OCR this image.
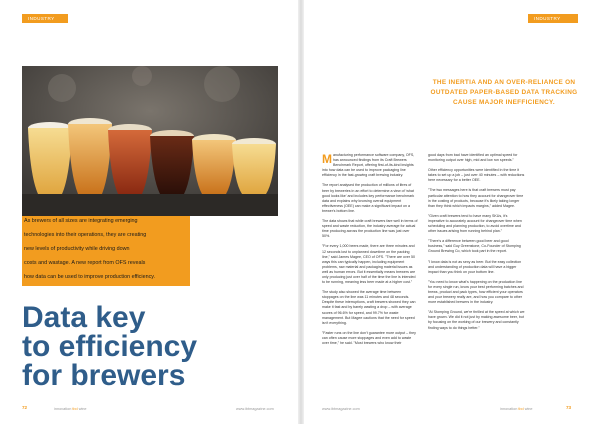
INDUSTRY WATCH
INDUSTRY WATCH
As brewers of all sizes are integrating emerging
technologies into their operations, they are creating
new levels of productivity while driving down
costs and wastage. A new report from OFS reveals
how data can be used to improve production efficiency.
Data key
to efficiency
for brewers
THE INERTIA AND AN OVER-RELIANCE ON OUTDATED PAPER-BASED DATA TRACKING CAUSE MAJOR INEFFICIENCY.

Manufacturing performance software company, OFS, has announced findings from its Craft Brewers Benchmark Report, offering first-of-its-kind insights into how data can be used to improve packaging line efficiency in the fast-growing craft brewing industry.

The report analysed the production of millions of litres of beer by breweries in an effort to determine a view of 'what good looks like' and includes key performance benchmark data and explains why knowing overall equipment effectiveness (OEE) can make a significant impact on a brewer's bottom line.

The data shows that while craft brewers fare well in terms of speed and waste reduction, the industry average for actual time producing across the production line was just over 50%.

"For every 1,000 beers made, there are three minutes and 12 seconds lost to unplanned downtime on the packing line," said James Magee, CEO of OFS. "There are over 50 ways this can typically happen, including equipment problems, raw material and packaging material issues as well as human errors. But it essentially means brewers are only producing just over half of the time the line is intended to be running, meaning less beer made at a higher cost."

The study also showed the average time between stoppages on the line was 11 minutes and 48 seconds. Despite these interruptions, craft brewers showed they can make it fast and by barely wasting a drop – with average scores of 96.6% for speed, and 99.7% for waste management. But Magee cautions that the need for speed isn't everything.

"Faster runs on the line don't guarantee more output – they can often cause more stoppages and even add to waste over time," he said. "Most brewers who know their

good days from bad have identified an optimal speed for monitoring output over high, mid and low run speeds."

Other efficiency opportunities were identified in the time it takes to set up a job – just over 40 minutes – with reductions here necessary for a better OEE.

"The two messages here is that craft brewers must pay particular attention to how they account for changeover time in the costing of products, because it's likely taking longer than they think which impacts margins," added Magee.

"Given craft brewers tend to have many SKUs, it's imperative to accurately account for changeover time when scheduling and planning production, to avoid overtime and other issues arising from running behind plan."

"There's a difference between good beer and good business," said Guy Greenstone, Co-Founder of Stomping Ground Brewing Co, which took part in the report.

"I know data is not as sexy as beer. But the easy collection and understanding of production data will have a bigger impact than you think on your bottom line.

"You need to know what's happening on the production line for every single run, know your best performing batches and brews, product and pack types, how efficient your operators and your brewery really are, and how you compare to other more established brewers in the industry.

"At Stomping Ground, we're thrilled at the speed at which we have grown. We did it not just by making awesome beer, but by focusing on the working of our brewery and constantly finding ways to do things better."

72	innovation tbd wine	www.ibtmagazine.com	www.ibtmagazine.com	innovation tbd wine	73
